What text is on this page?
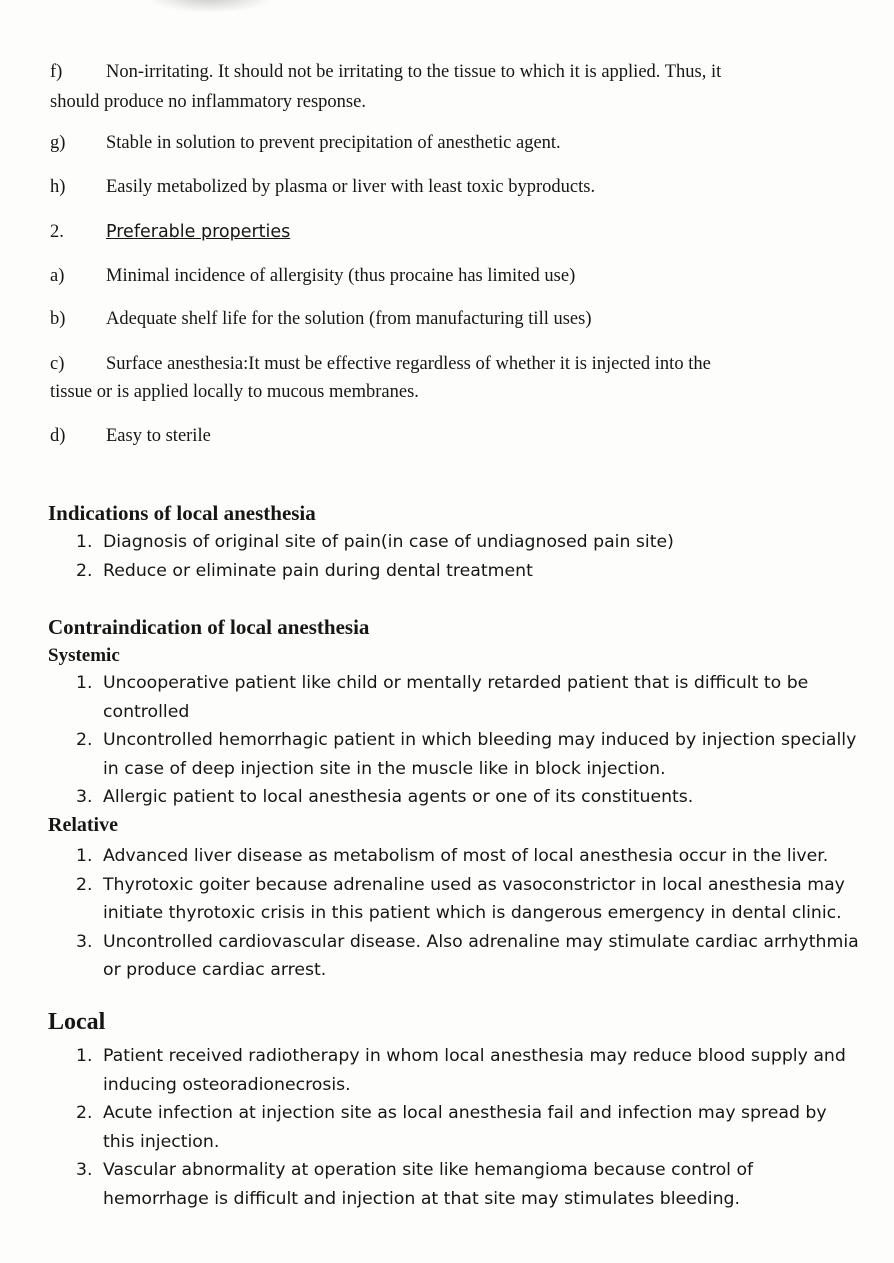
f) Non-irritating. It should not be irritating to the tissue to which it is applied. Thus, it

should produce no inflammatory response.

g) Stable in solution to prevent precipitation of anesthetic agent.

h) Easily metabolized by plasma or liver with least toxic byproducts.

2. Preferable properties

a) Minimal incidence of allergisity (thus procaine has limited use)

b) Adequate shelf life for the solution (from manufacturing till uses)

c) Surface anesthesia:It must be effective regardless of whether it is injected into the

tissue or is applied locally to mucous membranes.

d) Easy to sterile

Indications of local anesthesia
1. Diagnosis of original site of pain(in case of undiagnosed pain site)
2. Reduce or eliminate pain during dental treatment
Contraindication of local anesthesia
Systemic
1. Uncooperative patient like child or mentally retarded patient that is difficult to be controlled
2. Uncontrolled hemorrhagic patient in which bleeding may induced by injection specially in case of deep injection site in the muscle like in block injection.
3. Allergic patient to local anesthesia agents or one of its constituents.
Relative
1. Advanced liver disease as metabolism of most of local anesthesia occur in the liver.
2. Thyrotoxic goiter because adrenaline used as vasoconstrictor in local anesthesia may initiate thyrotoxic crisis in this patient which is dangerous emergency in dental clinic.
3. Uncontrolled cardiovascular disease. Also adrenaline may stimulate cardiac arrhythmia or produce cardiac arrest.
Local
1. Patient received radiotherapy in whom local anesthesia may reduce blood supply and inducing osteoradionecrosis.
2. Acute infection at injection site as local anesthesia fail and infection may spread by this injection.
3. Vascular abnormality at operation site like hemangioma because control of hemorrhage is difficult and injection at that site may stimulates bleeding.
